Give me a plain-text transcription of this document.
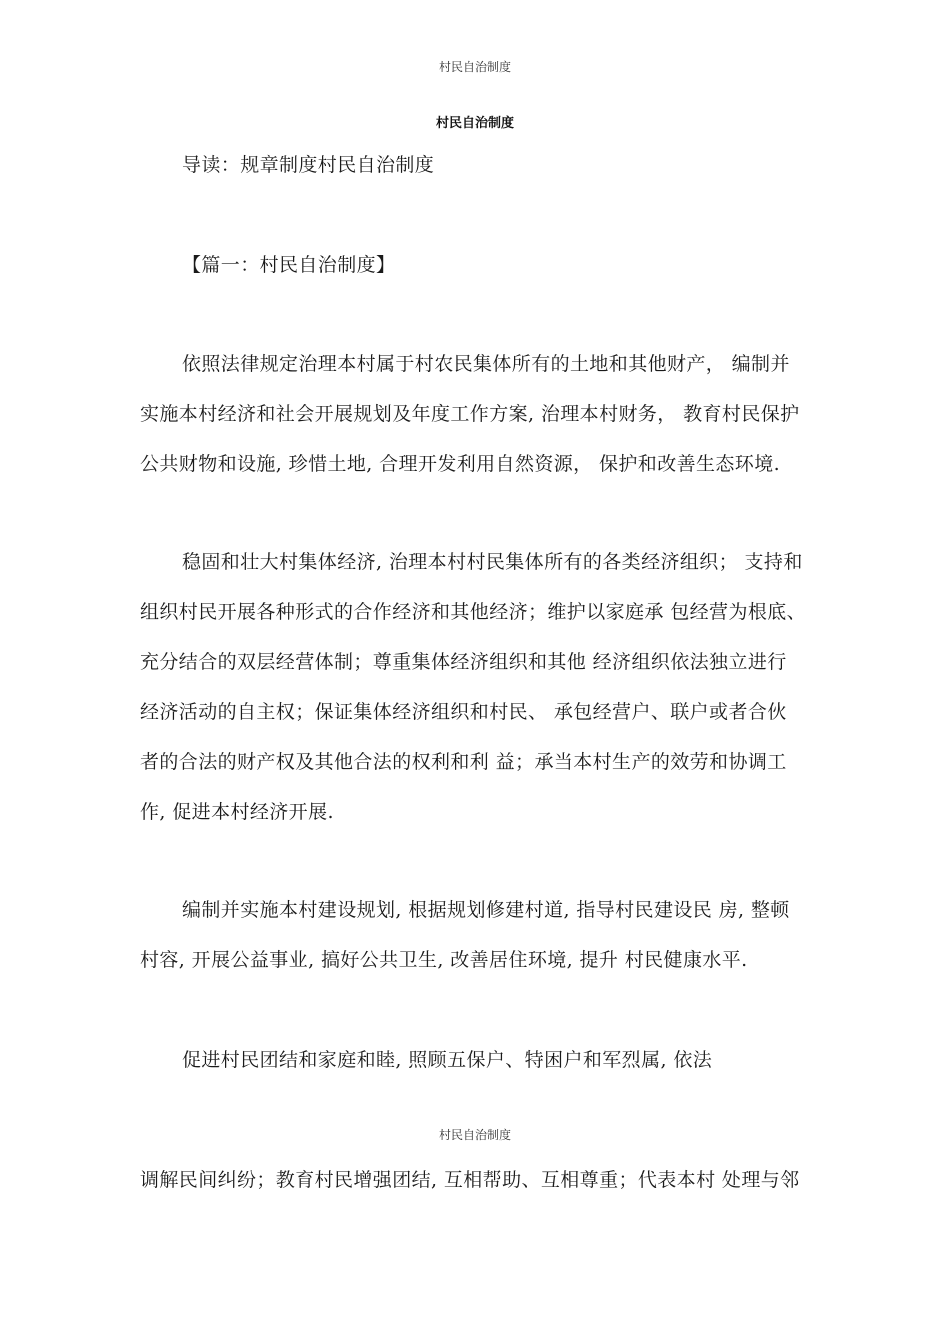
村民自治制度
村民自治制度
导读：规章制度村民自治制度
【篇一：村民自治制度】
依照法律规定治理本村属于村农民集体所有的土地和其他财产， 编制并
实施本村经济和社会开展规划及年度工作方案, 治理本村财务， 教育村民保护
公共财物和设施, 珍惜土地, 合理开发利用自然资源， 保护和改善生态环境.
稳固和壮大村集体经济, 治理本村村民集体所有的各类经济组织； 支持和
组织村民开展各种形式的合作经济和其他经济；维护以家庭承 包经营为根底、
充分结合的双层经营体制；尊重集体经济组织和其他 经济组织依法独立进行
经济活动的自主权；保证集体经济组织和村民、 承包经营户、联户或者合伙
者的合法的财产权及其他合法的权利和利 益；承当本村生产的效劳和协调工
作, 促进本村经济开展.
编制并实施本村建设规划, 根据规划修建村道, 指导村民建设民 房, 整顿
村容, 开展公益事业, 搞好公共卫生, 改善居住环境, 提升 村民健康水平.
促进村民团结和家庭和睦, 照顾五保户、特困户和军烈属, 依法
村民自治制度
调解民间纠纷；教育村民增强团结, 互相帮助、互相尊重；代表本村 处理与邻
